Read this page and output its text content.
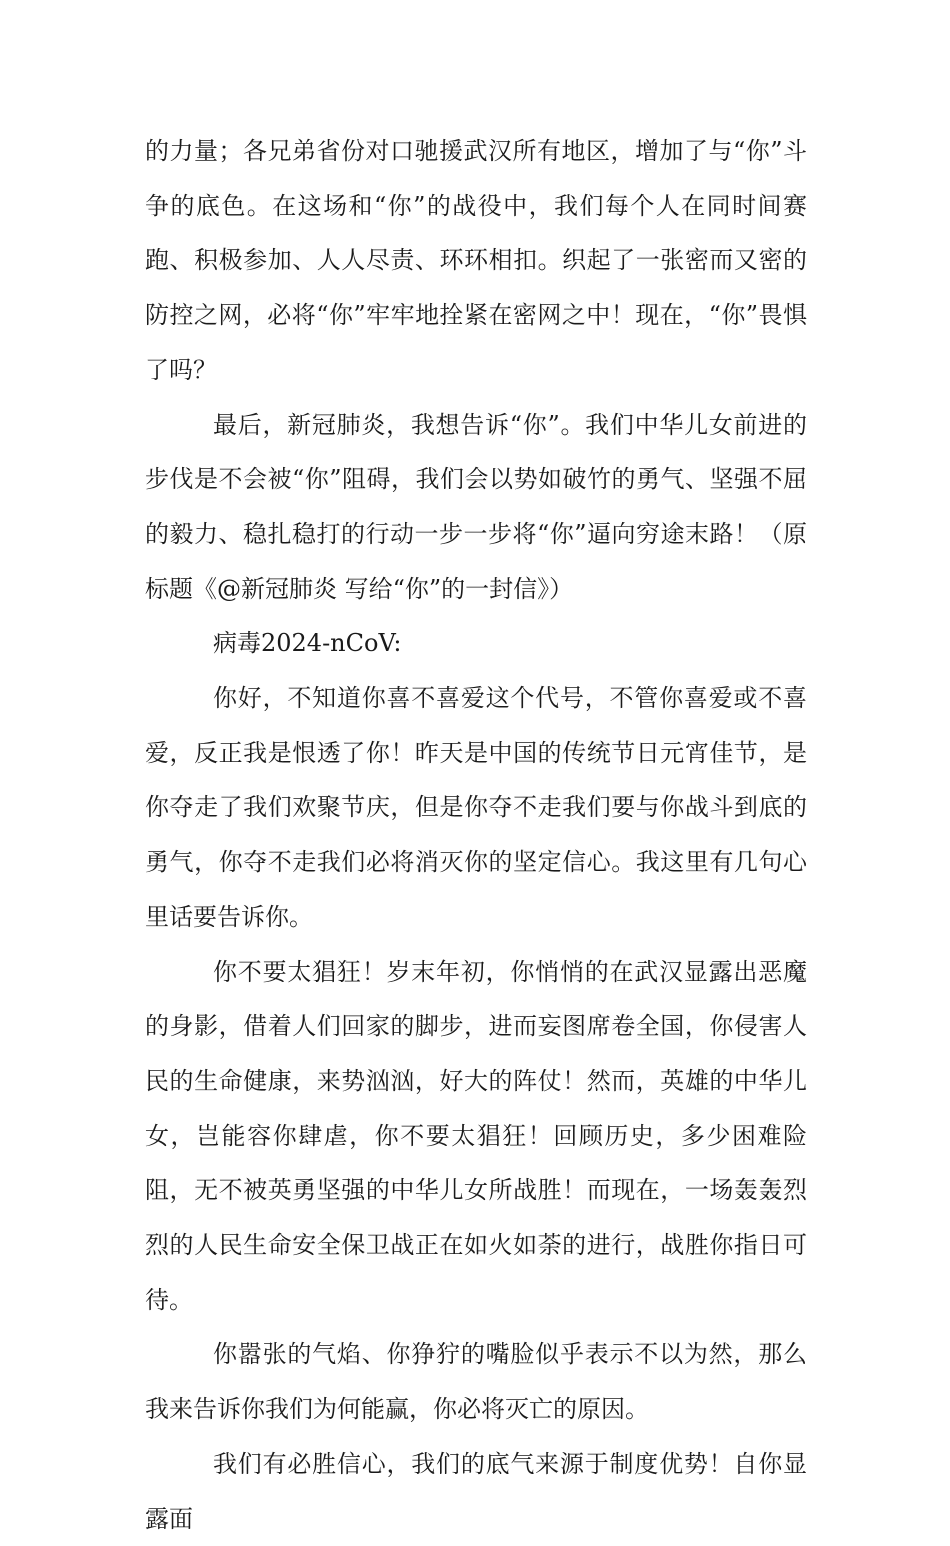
的力量；各兄弟省份对口驰援武汉所有地区，增加了与“你”斗争的底色。在这场和“你”的战役中，我们每个人在同时间赛跑、积极参加、人人尽责、环环相扣。织起了一张密而又密的防控之网，必将“你”牢牢地拴紧在密网之中！现在，“你”畏惧了吗？

最后，新冠肺炎，我想告诉“你”。我们中华儿女前进的步伐是不会被“你”阻碍，我们会以势如破竹的勇气、坚强不屈的毅力、稳扎稳打的行动一步一步将“你”逼向穷途末路！（原标题《@新冠肺炎 写给“你”的一封信》）

病毒2024-nCoV:

你好，不知道你喜不喜爱这个代号，不管你喜爱或不喜爱，反正我是恨透了你！昨天是中国的传统节日元宵佳节，是你夺走了我们欢聚节庆，但是你夺不走我们要与你战斗到底的勇气，你夺不走我们必将消灭你的坚定信心。我这里有几句心里话要告诉你。

你不要太猖狂！岁末年初，你悄悄的在武汉显露出恶魔的身影，借着人们回家的脚步，进而妄图席卷全国，你侵害人民的生命健康，来势汹汹，好大的阵仗！然而，英雄的中华儿女，岂能容你肆虐，你不要太猖狂！回顾历史，多少困难险阻，无不被英勇坚强的中华儿女所战胜！而现在，一场轰轰烈烈的人民生命安全保卫战正在如火如荼的进行，战胜你指日可待。

你嚣张的气焰、你狰狞的嘴脸似乎表示不以为然，那么我来告诉你我们为何能赢，你必将灭亡的原因。

我们有必胜信心，我们的底气来源于制度优势！自你显露面
